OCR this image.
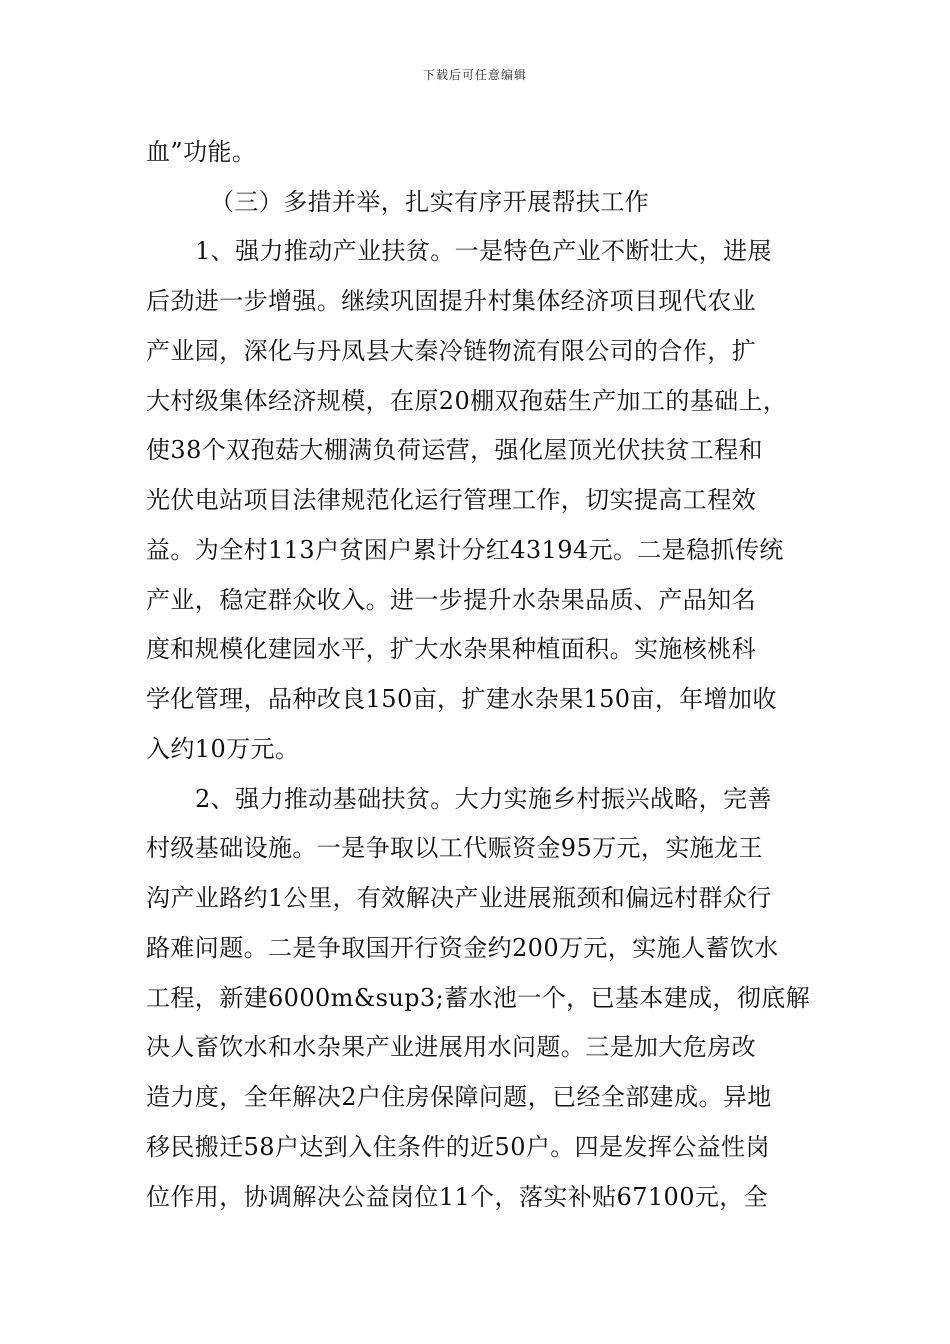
下载后可任意编辑
血”功能。
（三）多措并举，扎实有序开展帮扶工作
1、强力推动产业扶贫。一是特色产业不断壮大，进展
后劲进一步增强。继续巩固提升村集体经济项目现代农业
产业园，深化与丹凤县大秦冷链物流有限公司的合作，扩
大村级集体经济规模，在原20棚双孢菇生产加工的基础上，
使38个双孢菇大棚满负荷运营，强化屋顶光伏扶贫工程和
光伏电站项目法律规范化运行管理工作，切实提高工程效
益。为全村113户贫困户累计分红43194元。二是稳抓传统
产业，稳定群众收入。进一步提升水杂果品质、产品知名
度和规模化建园水平，扩大水杂果种植面积。实施核桃科
学化管理，品种改良150亩，扩建水杂果150亩，年增加收
入约10万元。
2、强力推动基础扶贫。大力实施乡村振兴战略，完善
村级基础设施。一是争取以工代赈资金95万元，实施龙王
沟产业路约1公里，有效解决产业进展瓶颈和偏远村群众行
路难问题。二是争取国开行资金约200万元，实施人蓄饮水
工程，新建6000m&sup3;蓄水池一个，已基本建成，彻底解
决人畜饮水和水杂果产业进展用水问题。三是加大危房改
造力度，全年解决2户住房保障问题，已经全部建成。异地
移民搬迁58户达到入住条件的近50户。四是发挥公益性岗
位作用，协调解决公益岗位11个，落实补贴67100元，全
